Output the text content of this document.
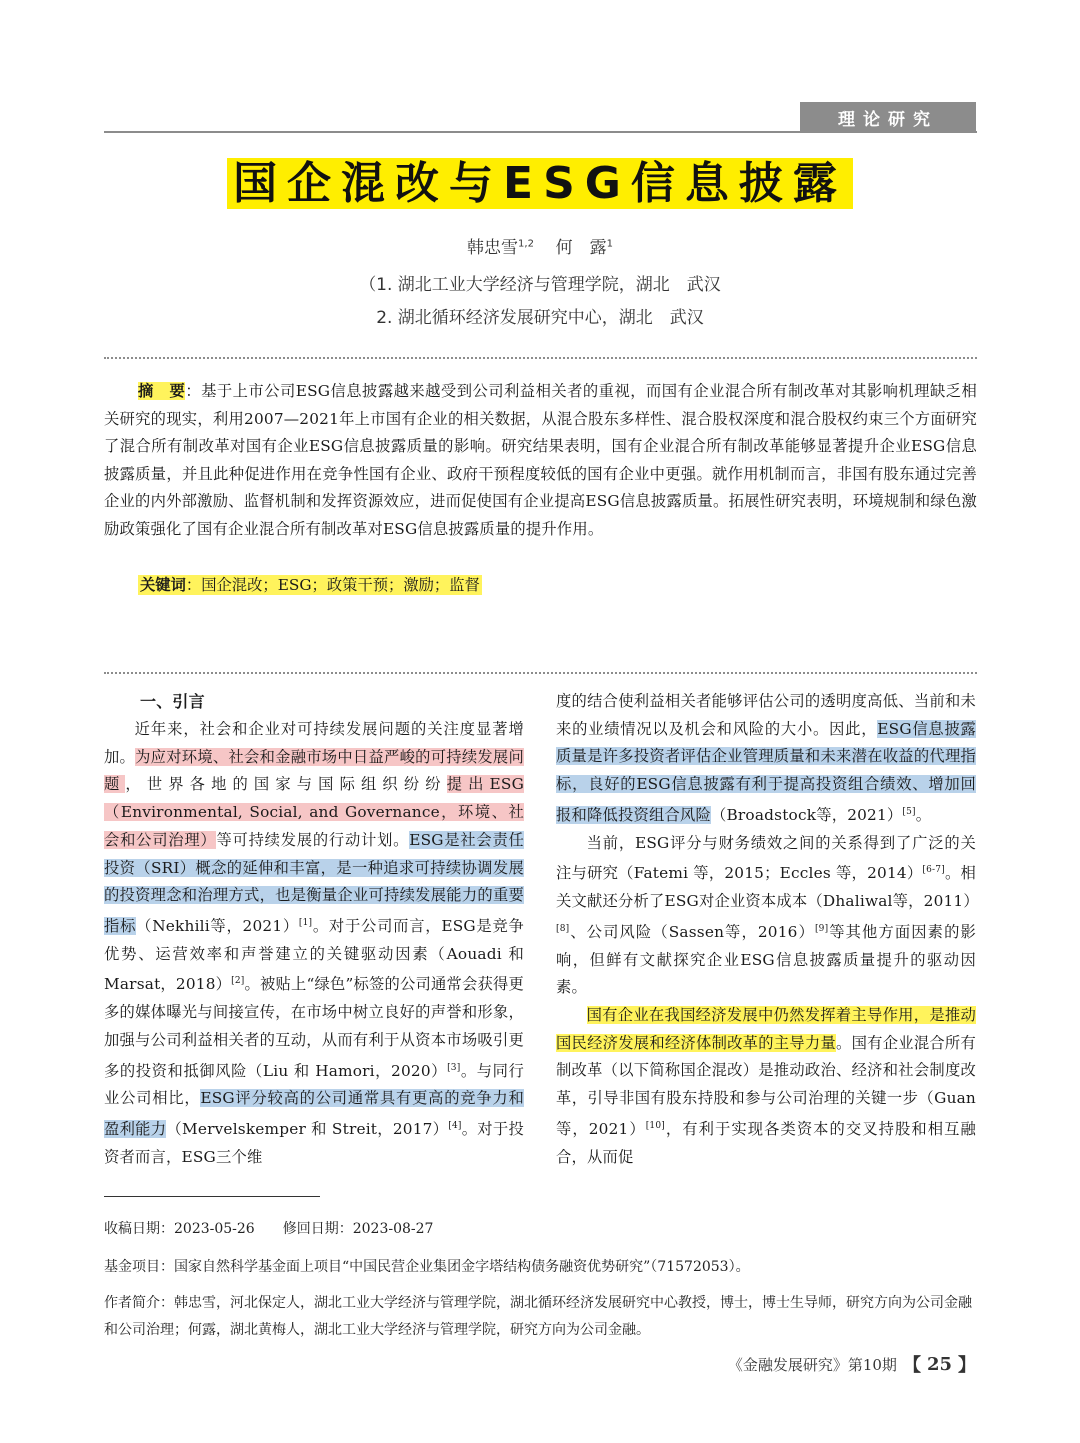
理论研究
国企混改与ESG信息披露
韩忠雪$^{1,2}$ 何　露$^1$
（1. 湖北工业大学经济与管理学院，湖北　武汉
2. 湖北循环经济发展研究中心，湖北　武汉
摘　要：基于上市公司ESG信息披露越来越受到公司利益相关者的重视，而国有企业混合所有制改革对其影响机理缺乏相关研究的现实，利用2007—2021年上市国有企业的相关数据，从混合股东多样性、混合股权深度和混合股权约束三个方面研究了混合所有制改革对国有企业ESG信息披露质量的影响。研究结果表明，国有企业混合所有制改革能够显著提升企业ESG信息披露质量，并且此种促进作用在竞争性国有企业、政府干预程度较低的国有企业中更强。就作用机制而言，非国有股东通过完善企业的内外部激励、监督机制和发挥资源效应，进而促使国有企业提高ESG信息披露质量。拓展性研究表明，环境规制和绿色激励政策强化了国有企业混合所有制改革对ESG信息披露质量的提升作用。
关键词：国企混改；ESG；政策干预；激励；监督
一、引言

近年来，社会和企业对可持续发展问题的关注度显著增加。为应对环境、社会和金融市场中日益严峻的可持续发展问题，世界各地的国家与国际组织纷纷提出ESG（Environmental, Social, and Governance，环境、社会和公司治理）等可持续发展的行动计划。ESG是社会责任投资（SRI）概念的延伸和丰富，是一种追求可持续协调发展的投资理念和治理方式，也是衡量企业可持续发展能力的重要指标（Nekhili等，2021）[1]。对于公司而言，ESG是竞争优势、运营效率和声誉建立的关键驱动因素（Aouadi 和 Marsat，2018）[2]。被贴上“绿色”标签的公司通常会获得更多的媒体曝光与间接宣传，在市场中树立良好的声誉和形象，加强与公司利益相关者的互动，从而有利于从资本市场吸引更多的投资和抵御风险（Liu 和 Hamori，2020）[3]。与同行业公司相比，ESG评分较高的公司通常具有更高的竞争力和盈利能力（Mervelskemper 和 Streit，2017）[4]。对于投资者而言，ESG三个维

度的结合使利益相关者能够评估公司的透明度高低、当前和未来的业绩情况以及机会和风险的大小。因此，ESG信息披露质量是许多投资者评估企业管理质量和未来潜在收益的代理指标，良好的ESG信息披露有利于提高投资组合绩效、增加回报和降低投资组合风险（Broadstock等，2021）[5]。

当前，ESG评分与财务绩效之间的关系得到了广泛的关注与研究（Fatemi 等，2015；Eccles 等，2014）[6-7]。相关文献还分析了ESG对企业资本成本（Dhaliwal等，2011）[8]、公司风险（Sassen等，2016）[9]等其他方面因素的影响，但鲜有文献探究企业ESG信息披露质量提升的驱动因素。

国有企业在我国经济发展中仍然发挥着主导作用，是推动国民经济发展和经济体制改革的主导力量。国有企业混合所有制改革（以下简称国企混改）是推动政治、经济和社会制度改革，引导非国有股东持股和参与公司治理的关键一步（Guan等，2021）[10]，有利于实现各类资本的交叉持股和相互融合，从而促

收稿日期：2023-05-26　　修回日期：2023-08-27
基金项目：国家自然科学基金面上项目“中国民营企业集团金字塔结构债务融资优势研究”（71572053）。
作者简介：韩忠雪，河北保定人，湖北工业大学经济与管理学院，湖北循环经济发展研究中心教授，博士，博士生导师，研究方向为公司金融和公司治理；何露，湖北黄梅人，湖北工业大学经济与管理学院，研究方向为公司金融。
《金融发展研究》第10期 【 25 】
